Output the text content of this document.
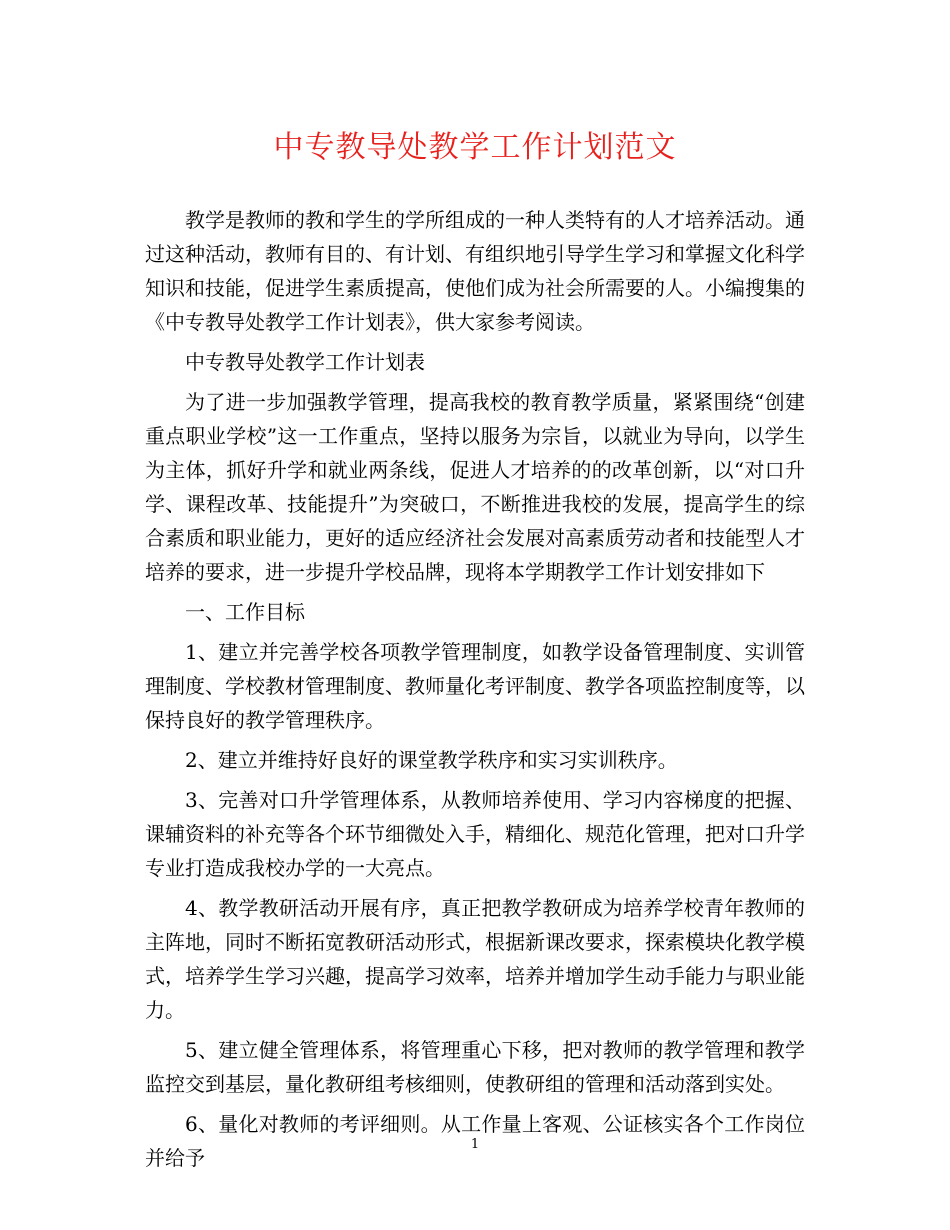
中专教导处教学工作计划范文

教学是教师的教和学生的学所组成的一种人类特有的人才培养活动。通过这种活动，教师有目的、有计划、有组织地引导学生学习和掌握文化科学知识和技能，促进学生素质提高，使他们成为社会所需要的人。小编搜集的《中专教导处教学工作计划表》，供大家参考阅读。

中专教导处教学工作计划表

为了进一步加强教学管理，提高我校的教育教学质量，紧紧围绕“创建重点职业学校”这一工作重点，坚持以服务为宗旨，以就业为导向，以学生为主体，抓好升学和就业两条线，促进人才培养的的改革创新，以“对口升学、课程改革、技能提升”为突破口，不断推进我校的发展，提高学生的综合素质和职业能力，更好的适应经济社会发展对高素质劳动者和技能型人才培养的要求，进一步提升学校品牌，现将本学期教学工作计划安排如下

一、工作目标

1、建立并完善学校各项教学管理制度，如教学设备管理制度、实训管理制度、学校教材管理制度、教师量化考评制度、教学各项监控制度等，以保持良好的教学管理秩序。

2、建立并维持好良好的课堂教学秩序和实习实训秩序。

3、完善对口升学管理体系，从教师培养使用、学习内容梯度的把握、课辅资料的补充等各个环节细微处入手，精细化、规范化管理，把对口升学专业打造成我校办学的一大亮点。

4、教学教研活动开展有序，真正把教学教研成为培养学校青年教师的主阵地，同时不断拓宽教研活动形式，根据新课改要求，探索模块化教学模式，培养学生学习兴趣，提高学习效率，培养并增加学生动手能力与职业能力。

5、建立健全管理体系，将管理重心下移，把对教师的教学管理和教学监控交到基层，量化教研组考核细则，使教研组的管理和活动落到实处。

6、量化对教师的考评细则。从工作量上客观、公证核实各个工作岗位并给予

1
